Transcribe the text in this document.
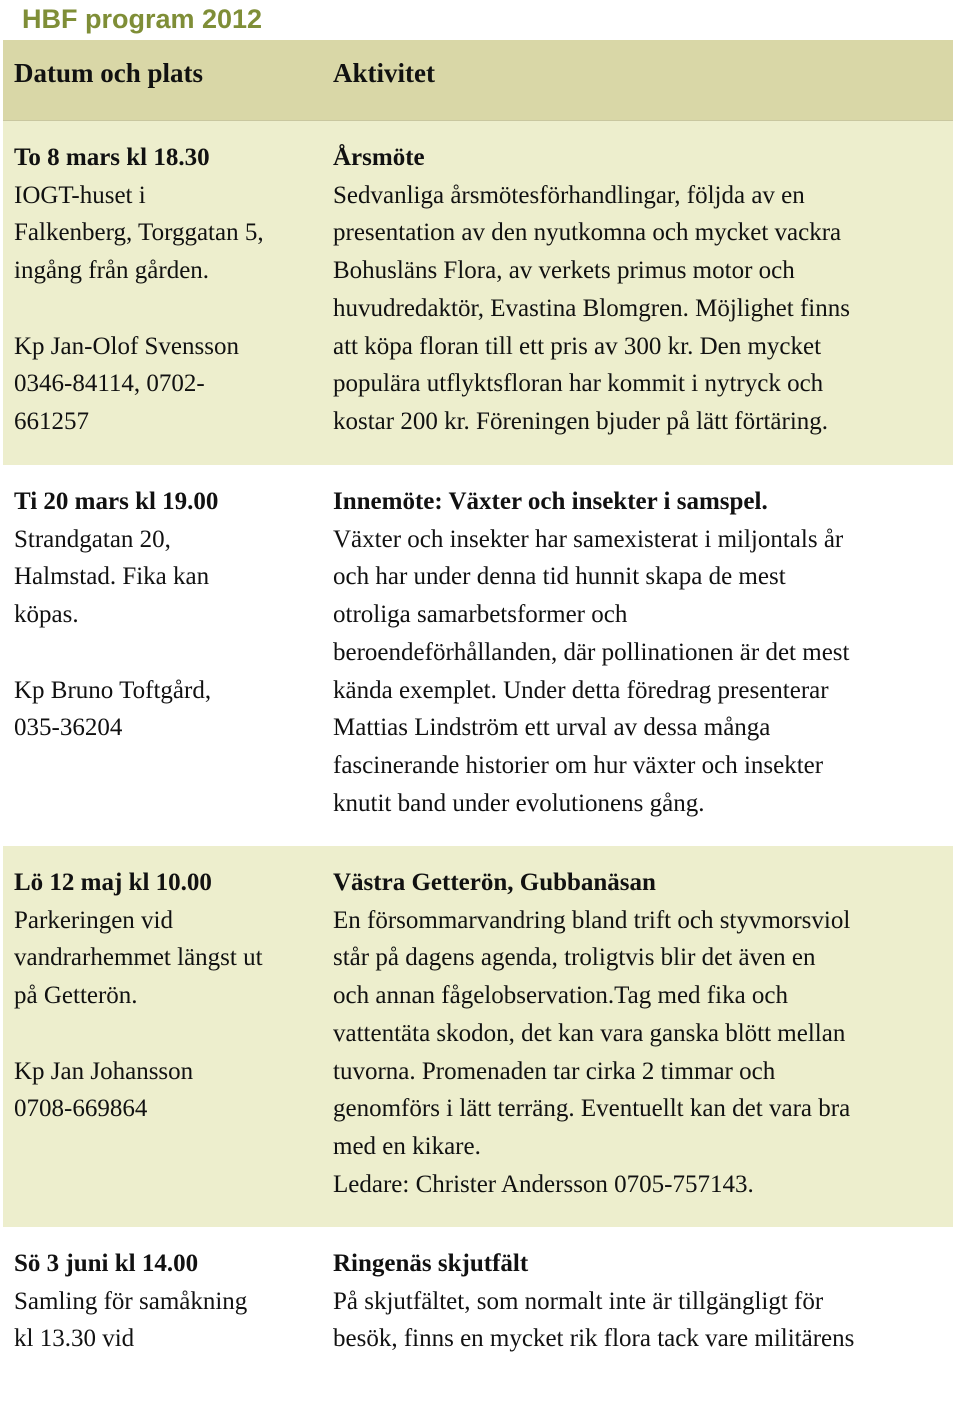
HBF program 2012
Datum och plats	Aktivitet
To 8 mars kl 18.30
IOGT-huset i
Falkenberg, Torggatan 5,
ingång från gården.
Kp Jan-Olof Svensson
0346-84114, 0702-
661257
Årsmöte
Sedvanliga årsmötesförhandlingar, följda av en
presentation av den nyutkomna och mycket vackra
Bohusläns Flora, av verkets primus motor och
huvudredaktör, Evastina Blomgren. Möjlighet finns
att köpa floran till ett pris av 300 kr. Den mycket
populära utflyktsfloran har kommit i nytryck och
kostar 200 kr. Föreningen bjuder på lätt förtäring.
Ti 20 mars kl 19.00
Strandgatan 20,
Halmstad. Fika kan
köpas.
Kp Bruno Toftgård,
035-36204
Innemöte: Växter och insekter i samspel.
Växter och insekter har samexisterat i miljontals år
och har under denna tid hunnit skapa de mest
otroliga samarbetsformer och
beroendeförhållanden, där pollinationen är det mest
kända exemplet. Under detta föredrag presenterar
Mattias Lindström ett urval av dessa många
fascinerande historier om hur växter och insekter
knutit band under evolutionens gång.
Lö 12 maj kl 10.00
Parkeringen vid
vandrarhemmet längst ut
på Getterön.
Kp Jan Johansson
0708-669864
Västra Getterön, Gubbanäsan
En försommarvandring bland trift och styvmorsviol
står på dagens agenda, troligtvis blir det även en
och annan fågelobservation.Tag med fika och
vattentäta skodon, det kan vara ganska blött mellan
tuvorna. Promenaden tar cirka 2 timmar och
genomförs i lätt terräng. Eventuellt kan det vara bra
med en kikare.
Ledare: Christer Andersson 0705-757143.
Sö 3 juni kl 14.00
Samling för samåkning
kl 13.30 vid
Ringenäs skjutfält
På skjutfältet, som normalt inte är tillgängligt för
besök, finns en mycket rik flora tack vare militärens
